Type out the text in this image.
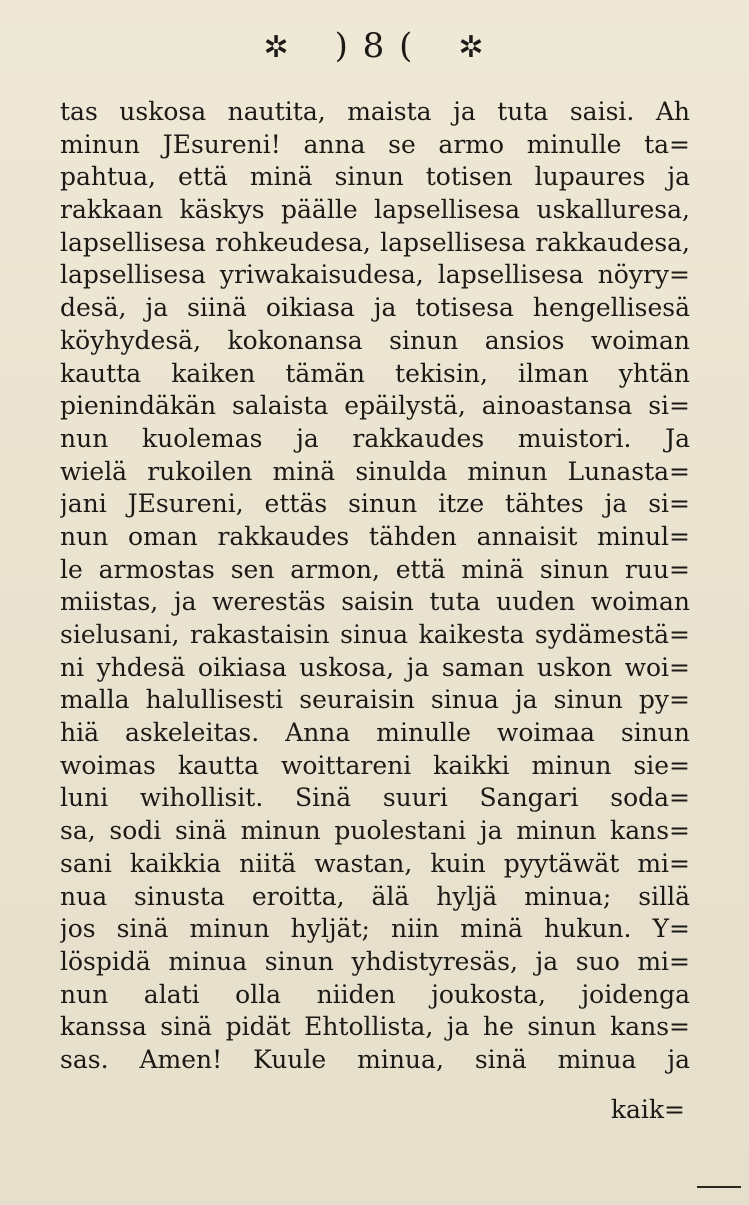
✲ ) 8 ( ✲
tas uskosa nautita, maista ja tuta saisi. Ah
minun JEsureni! anna se armo minulle ta=
pahtua, että minä sinun totisen lupaures ja
rakkaan käskys päälle lapsellisesa uskalluresa,
lapsellisesa rohkeudesa, lapsellisesa rakkaudesa,
lapsellisesa yriwakaisudesa, lapsellisesa nöyry=
desä, ja siinä oikiasa ja totisesa hengellisesä
köyhydesä, kokonansa sinun ansios woiman
kautta kaiken tämän tekisin, ilman yhtän
pienindäkän salaista epäilystä, ainoastansa si=
nun kuolemas ja rakkaudes muistori. Ja
wielä rukoilen minä sinulda minun Lunasta=
jani JEsureni, ettäs sinun itze tähtes ja si=
nun oman rakkaudes tähden annaisit minul=
le armostas sen armon, että minä sinun ruu=
miistas, ja werestäs saisin tuta uuden woiman
sielusani, rakastaisin sinua kaikesta sydämestä=
ni yhdesä oikiasa uskosa, ja saman uskon woi=
malla halullisesti seuraisin sinua ja sinun py=
hiä askeleitas. Anna minulle woimaa sinun
woimas kautta woittareni kaikki minun sie=
luni wihollisit. Sinä suuri Sangari soda=
sa, sodi sinä minun puolestani ja minun kans=
sani kaikkia niitä wastan, kuin pyytäwät mi=
nua sinusta eroitta, älä hyljä minua; sillä
jos sinä minun hyljät; niin minä hukun. Y=
löspidä minua sinun yhdistyresäs, ja suo mi=
nun alati olla niiden joukosta, joidenga
kanssa sinä pidät Ehtollista, ja he sinun kans=
sas. Amen! Kuule minua, sinä minua ja
kaik=
